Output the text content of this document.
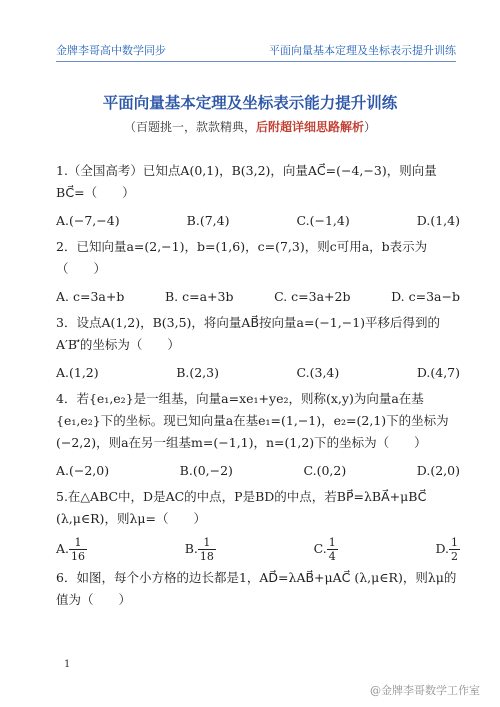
金牌李哥高中数学同步	平面向量基本定理及坐标表示提升训练
平面向量基本定理及坐标表示能力提升训练
（百题挑一，款款精典，后附超详细思路解析）

1.（全国高考）已知点A(0,1)，B(3,2)，向量AC⃗=(−4,−3)，则向量BC⃗=（　　）

A.(−7,−4)	B.(7,4)	C.(−1,4)	D.(1,4)

2．已知向量a=(2,−1)，b=(1,6)，c=(7,3)，则c可用a，b表示为（　　）

A. c=3a+b	B. c=a+3b	C. c=3a+2b	D. c=3a−b

3．设点A(1,2)，B(3,5)，将向量AB⃗按向量a=(−1,−1)平移后得到的A′B′⃗的坐标为（　　）

A.(1,2)	B.(2,3)	C.(3,4)	D.(4,7)

4．若{e₁,e₂}是一组基，向量a=xe₁+ye₂，则称(x,y)为向量a在基{e₁,e₂}下的坐标。现已知向量a在基e₁=(1,−1)，e₂=(2,1)下的坐标为(−2,2)，则a在另一组基m=(−1,1)，n=(1,2)下的坐标为（　　）

A.(−2,0)	B.(0,−2)	C.(0,2)	D.(2,0)

5.在△ABC中，D是AC的中点，P是BD的中点，若BP⃗=λBA⃗+μBC⃗ (λ,μ∈R)，则λμ=（　　）

A. $\frac{1}{16}$	B. $\frac{1}{18}$	C. $\frac{1}{4}$	D. $\frac{1}{2}$

6．如图，每个小方格的边长都是1，AD⃗=λAB⃗+μAC⃗ (λ,μ∈R)，则λμ的值为（　　）

1
@金牌李哥数学工作室
